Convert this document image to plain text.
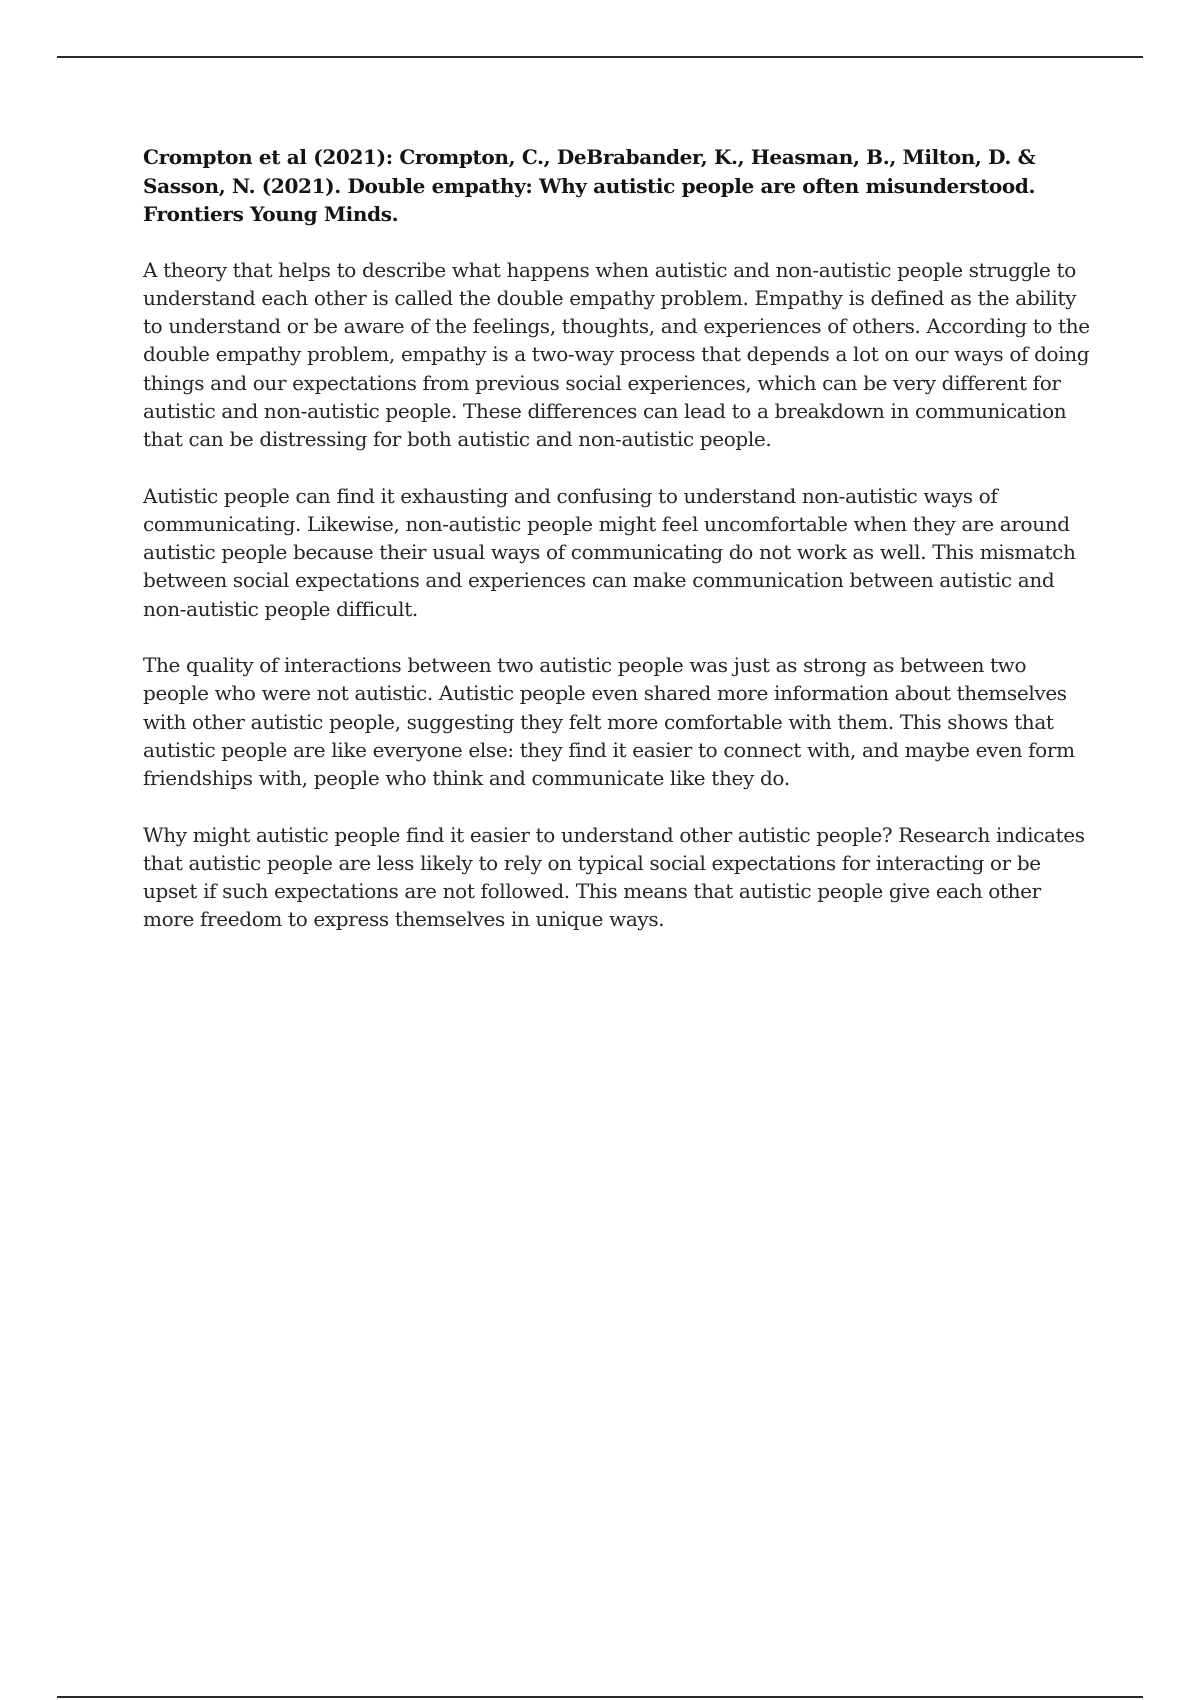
Crompton et al (2021): Crompton, C., DeBrabander, K., Heasman, B., Milton, D. & Sasson, N. (2021). Double empathy: Why autistic people are often misunderstood. Frontiers Young Minds.

A theory that helps to describe what happens when autistic and non-autistic people struggle to understand each other is called the double empathy problem. Empathy is defined as the ability to understand or be aware of the feelings, thoughts, and experiences of others. According to the double empathy problem, empathy is a two-way process that depends a lot on our ways of doing things and our expectations from previous social experiences, which can be very different for autistic and non-autistic people. These differences can lead to a breakdown in communication that can be distressing for both autistic and non-autistic people.

Autistic people can find it exhausting and confusing to understand non-autistic ways of communicating. Likewise, non-autistic people might feel uncomfortable when they are around autistic people because their usual ways of communicating do not work as well. This mismatch between social expectations and experiences can make communication between autistic and non-autistic people difficult.

The quality of interactions between two autistic people was just as strong as between two people who were not autistic. Autistic people even shared more information about themselves with other autistic people, suggesting they felt more comfortable with them. This shows that autistic people are like everyone else: they find it easier to connect with, and maybe even form friendships with, people who think and communicate like they do.

Why might autistic people find it easier to understand other autistic people? Research indicates that autistic people are less likely to rely on typical social expectations for interacting or be upset if such expectations are not followed. This means that autistic people give each other more freedom to express themselves in unique ways.
